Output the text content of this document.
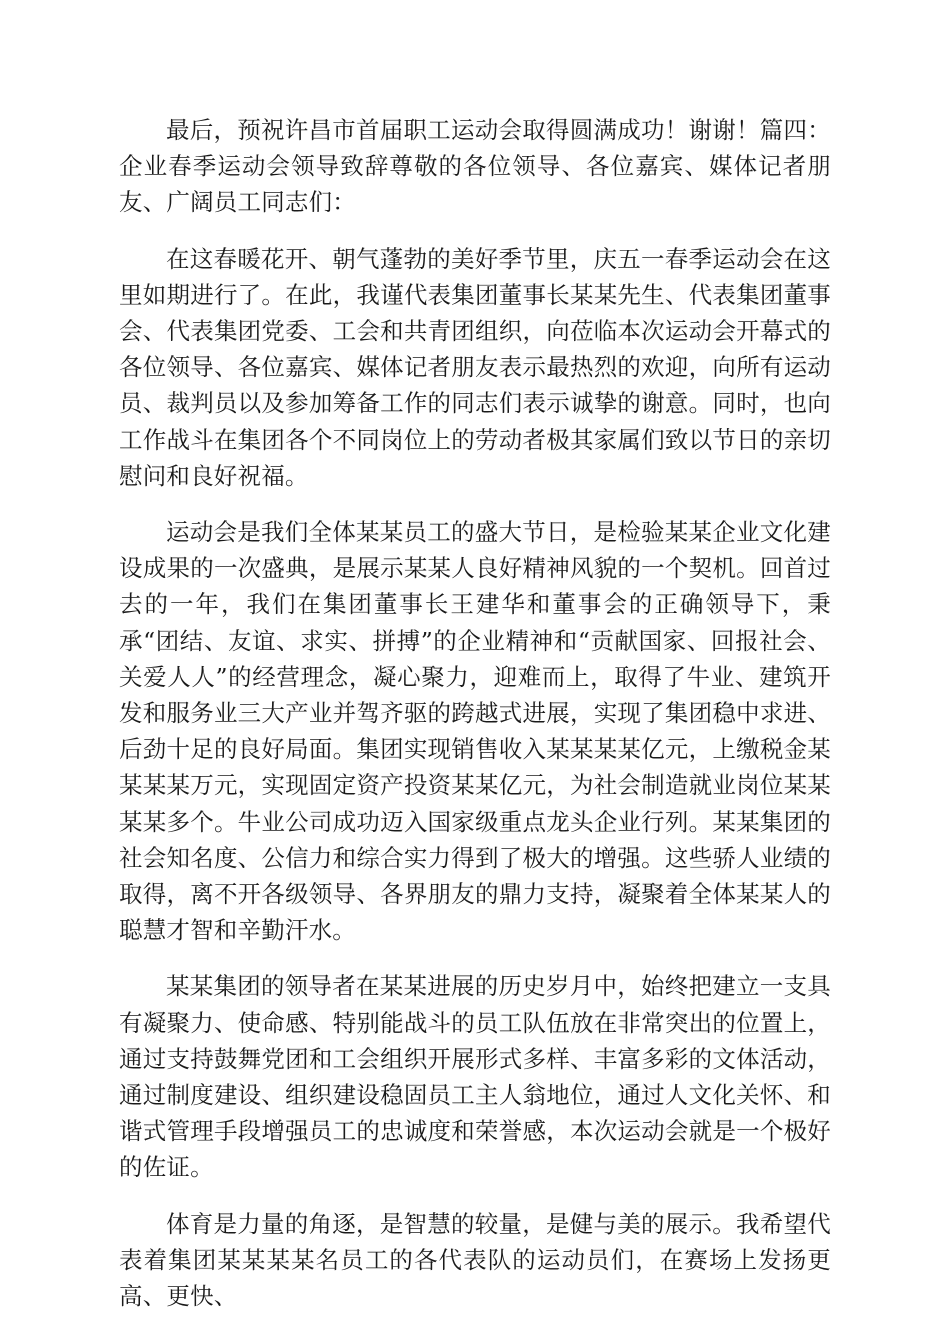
最后，预祝许昌市首届职工运动会取得圆满成功！谢谢！篇四：企业春季运动会领导致辞尊敬的各位领导、各位嘉宾、媒体记者朋友、广阔员工同志们：

在这春暖花开、朝气蓬勃的美好季节里，庆五一春季运动会在这里如期进行了。在此，我谨代表集团董事长某某先生、代表集团董事会、代表集团党委、工会和共青团组织，向莅临本次运动会开幕式的各位领导、各位嘉宾、媒体记者朋友表示最热烈的欢迎，向所有运动员、裁判员以及参加筹备工作的同志们表示诚挚的谢意。同时，也向工作战斗在集团各个不同岗位上的劳动者极其家属们致以节日的亲切慰问和良好祝福。

运动会是我们全体某某员工的盛大节日，是检验某某企业文化建设成果的一次盛典，是展示某某人良好精神风貌的一个契机。回首过去的一年，我们在集团董事长王建华和董事会的正确领导下，秉承“团结、友谊、求实、拼搏”的企业精神和“贡献国家、回报社会、关爱人人”的经营理念，凝心聚力，迎难而上，取得了牛业、建筑开发和服务业三大产业并驾齐驱的跨越式进展，实现了集团稳中求进、后劲十足的良好局面。集团实现销售收入某某某某亿元，上缴税金某某某某万元，实现固定资产投资某某亿元，为社会制造就业岗位某某某某多个。牛业公司成功迈入国家级重点龙头企业行列。某某集团的社会知名度、公信力和综合实力得到了极大的增强。这些骄人业绩的取得，离不开各级领导、各界朋友的鼎力支持，凝聚着全体某某人的聪慧才智和辛勤汗水。

某某集团的领导者在某某进展的历史岁月中，始终把建立一支具有凝聚力、使命感、特别能战斗的员工队伍放在非常突出的位置上，通过支持鼓舞党团和工会组织开展形式多样、丰富多彩的文体活动，通过制度建设、组织建设稳固员工主人翁地位，通过人文化关怀、和谐式管理手段增强员工的忠诚度和荣誉感，本次运动会就是一个极好的佐证。

体育是力量的角逐，是智慧的较量，是健与美的展示。我希望代表着集团某某某某名员工的各代表队的运动员们，在赛场上发扬更高、更快、
